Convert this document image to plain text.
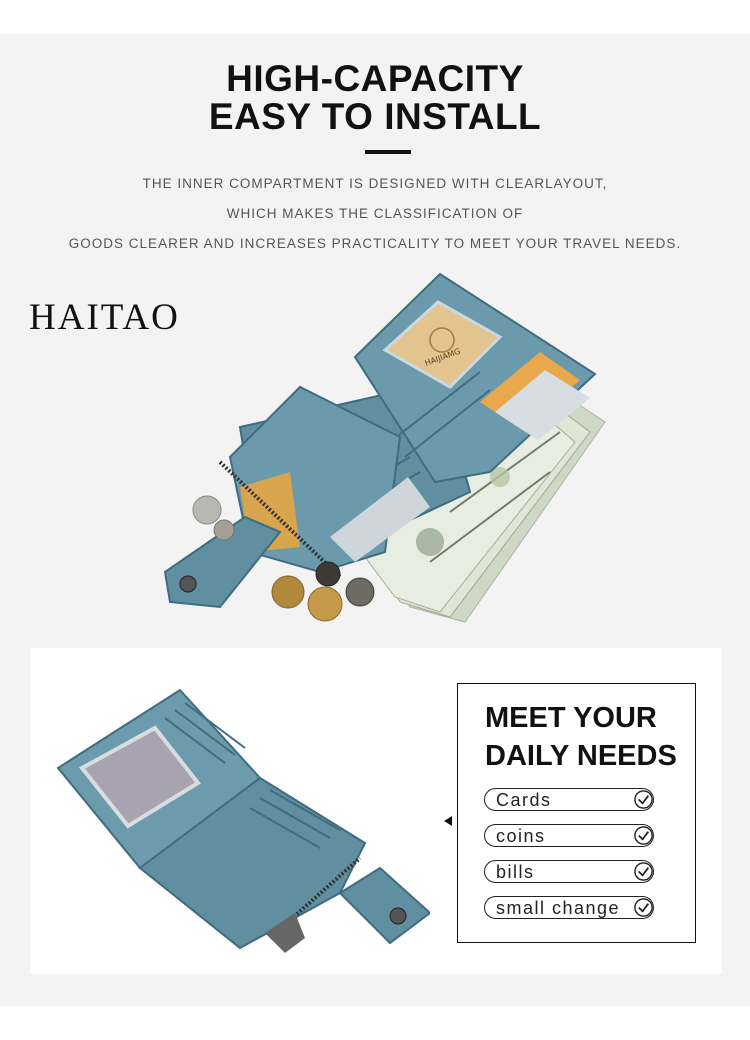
HIGH-CAPACITY
EASY TO INSTALL
THE INNER COMPARTMENT IS DESIGNED WITH CLEARLAYOUT,
WHICH MAKES THE CLASSIFICATION OF
GOODS CLEARER AND INCREASES PRACTICALITY TO MEET YOUR TRAVEL NEEDS.
HAITAO
HAIJIAMG
MEET YOUR
DAILY NEEDS
Cards
coins
bills
small change
